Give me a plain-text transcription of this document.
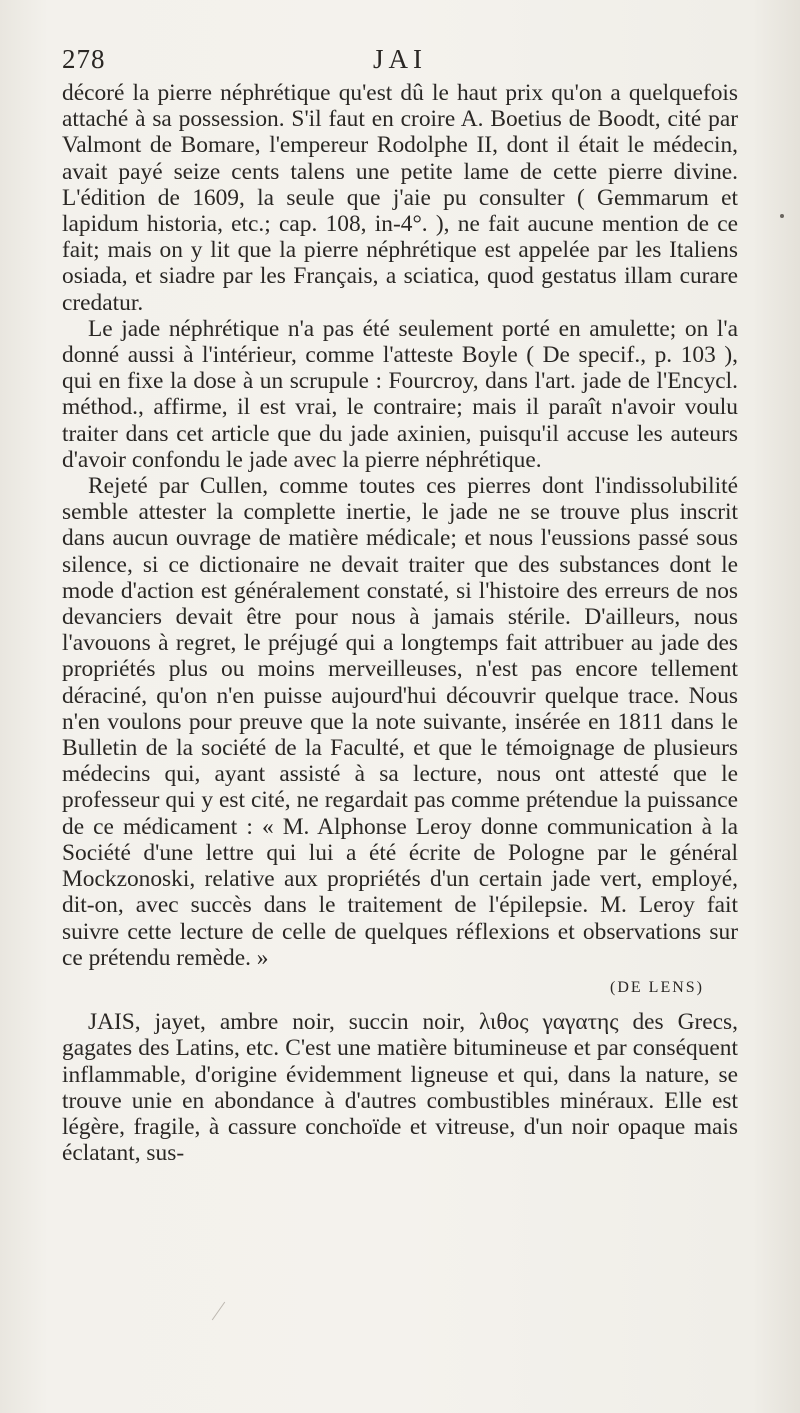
278	JAI

décoré la pierre néphrétique qu'est dû le haut prix qu'on a quelquefois attaché à sa possession. S'il faut en croire A. Boetius de Boodt, cité par Valmont de Bomare, l'empereur Rodolphe II, dont il était le médecin, avait payé seize cents talens une petite lame de cette pierre divine. L'édition de 1609, la seule que j'aie pu consulter ( Gemmarum et lapidum historia, etc.; cap. 108, in-4°. ), ne fait aucune mention de ce fait; mais on y lit que la pierre néphrétique est appelée par les Italiens osiada, et siadre par les Français, a sciatica, quod gestatus illam curare credatur.

Le jade néphrétique n'a pas été seulement porté en amulette; on l'a donné aussi à l'intérieur, comme l'atteste Boyle ( De specif., p. 103 ), qui en fixe la dose à un scrupule : Fourcroy, dans l'art. jade de l'Encycl. méthod., affirme, il est vrai, le contraire; mais il paraît n'avoir voulu traiter dans cet article que du jade axinien, puisqu'il accuse les auteurs d'avoir confondu le jade avec la pierre néphrétique.

Rejeté par Cullen, comme toutes ces pierres dont l'indissolubilité semble attester la complette inertie, le jade ne se trouve plus inscrit dans aucun ouvrage de matière médicale; et nous l'eussions passé sous silence, si ce dictionaire ne devait traiter que des substances dont le mode d'action est généralement constaté, si l'histoire des erreurs de nos devanciers devait être pour nous à jamais stérile. D'ailleurs, nous l'avouons à regret, le préjugé qui a longtemps fait attribuer au jade des propriétés plus ou moins merveilleuses, n'est pas encore tellement déraciné, qu'on n'en puisse aujourd'hui découvrir quelque trace. Nous n'en voulons pour preuve que la note suivante, insérée en 1811 dans le Bulletin de la société de la Faculté, et que le témoignage de plusieurs médecins qui, ayant assisté à sa lecture, nous ont attesté que le professeur qui y est cité, ne regardait pas comme prétendue la puissance de ce médicament : « M. Alphonse Leroy donne communication à la Société d'une lettre qui lui a été écrite de Pologne par le général Mockzonoski, relative aux propriétés d'un certain jade vert, employé, dit-on, avec succès dans le traitement de l'épilepsie. M. Leroy fait suivre cette lecture de celle de quelques réflexions et observations sur ce prétendu remède. »

(DE LENS)

JAIS, jayet, ambre noir, succin noir, λιθος γαγατης des Grecs, gagates des Latins, etc. C'est une matière bitumineuse et par conséquent inflammable, d'origine évidemment ligneuse et qui, dans la nature, se trouve unie en abondance à d'autres combustibles minéraux. Elle est légère, fragile, à cassure conchoïde et vitreuse, d'un noir opaque mais éclatant, sus-
